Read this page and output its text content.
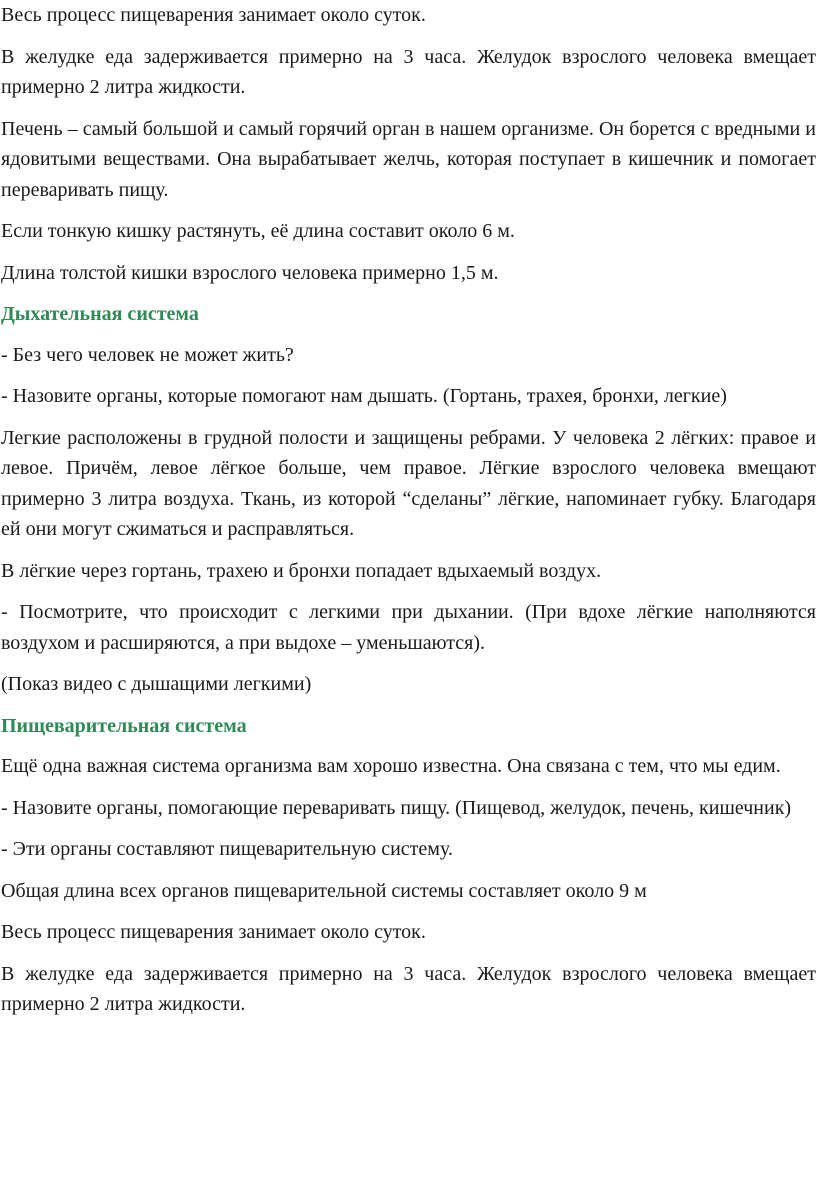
Весь процесс пищеварения занимает около суток.

В желудке еда задерживается примерно на 3 часа. Желудок взрослого человека вмещает примерно 2 литра жидкости.

Печень – самый большой и самый горячий орган в нашем организме. Он борется с вредными и ядовитыми веществами. Она вырабатывает желчь, которая поступает в кишечник и помогает переваривать пищу.

Если тонкую кишку растянуть, её длина составит около 6 м.

Длина толстой кишки взрослого человека примерно 1,5 м.

Дыхательная система

- Без чего человек не может жить?

- Назовите органы, которые помогают нам дышать. (Гортань, трахея, бронхи, легкие)

Легкие расположены в грудной полости и защищены ребрами. У человека 2 лёгких: правое и левое. Причём, левое лёгкое больше, чем правое. Лёгкие взрослого человека вмещают примерно 3 литра воздуха. Ткань, из которой “сделаны” лёгкие, напоминает губку. Благодаря ей они могут сжиматься и расправляться.

В лёгкие через гортань, трахею и бронхи попадает вдыхаемый воздух.

- Посмотрите, что происходит с легкими при дыхании. (При вдохе лёгкие наполняются воздухом и расширяются, а при выдохе – уменьшаются).

(Показ видео с дышащими легкими)

Пищеварительная система

Ещё одна важная система организма вам хорошо известна. Она связана с тем, что мы едим.

- Назовите органы, помогающие переваривать пищу. (Пищевод, желудок, печень, кишечник)

- Эти органы составляют пищеварительную систему.

Общая длина всех органов пищеварительной системы составляет около 9 м

Весь процесс пищеварения занимает около суток.

В желудке еда задерживается примерно на 3 часа. Желудок взрослого человека вмещает примерно 2 литра жидкости.
